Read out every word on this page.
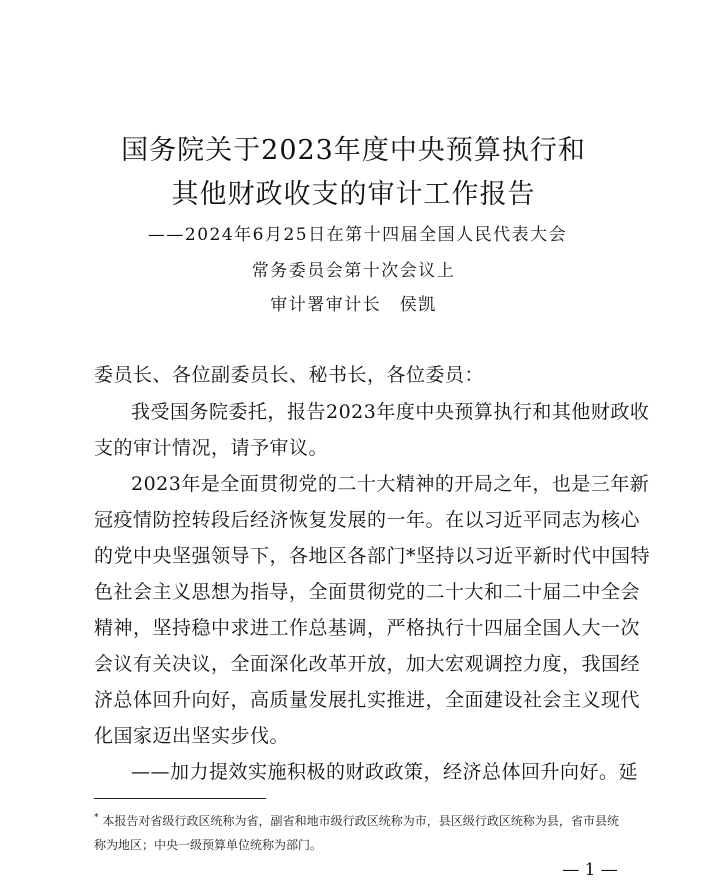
国务院关于2023年度中央预算执行和
其他财政收支的审计工作报告
——2024年6月25日在第十四届全国人民代表大会
常务委员会第十次会议上
审计署审计长　侯凯
委员长、各位副委员长、秘书长，各位委员：
我受国务院委托，报告2023年度中央预算执行和其他财政收
支的审计情况，请予审议。
2023年是全面贯彻党的二十大精神的开局之年，也是三年新
冠疫情防控转段后经济恢复发展的一年。在以习近平同志为核心
的党中央坚强领导下，各地区各部门*坚持以习近平新时代中国特
色社会主义思想为指导，全面贯彻党的二十大和二十届二中全会
精神，坚持稳中求进工作总基调，严格执行十四届全国人大一次
会议有关决议，全面深化改革开放，加大宏观调控力度，我国经
济总体回升向好，高质量发展扎实推进，全面建设社会主义现代
化国家迈出坚实步伐。
——加力提效实施积极的财政政策，经济总体回升向好。延
* 本报告对省级行政区统称为省，副省和地市级行政区统称为市，县区级行政区统称为县，省市县统
称为地区；中央一级预算单位统称为部门。
— 1 —
